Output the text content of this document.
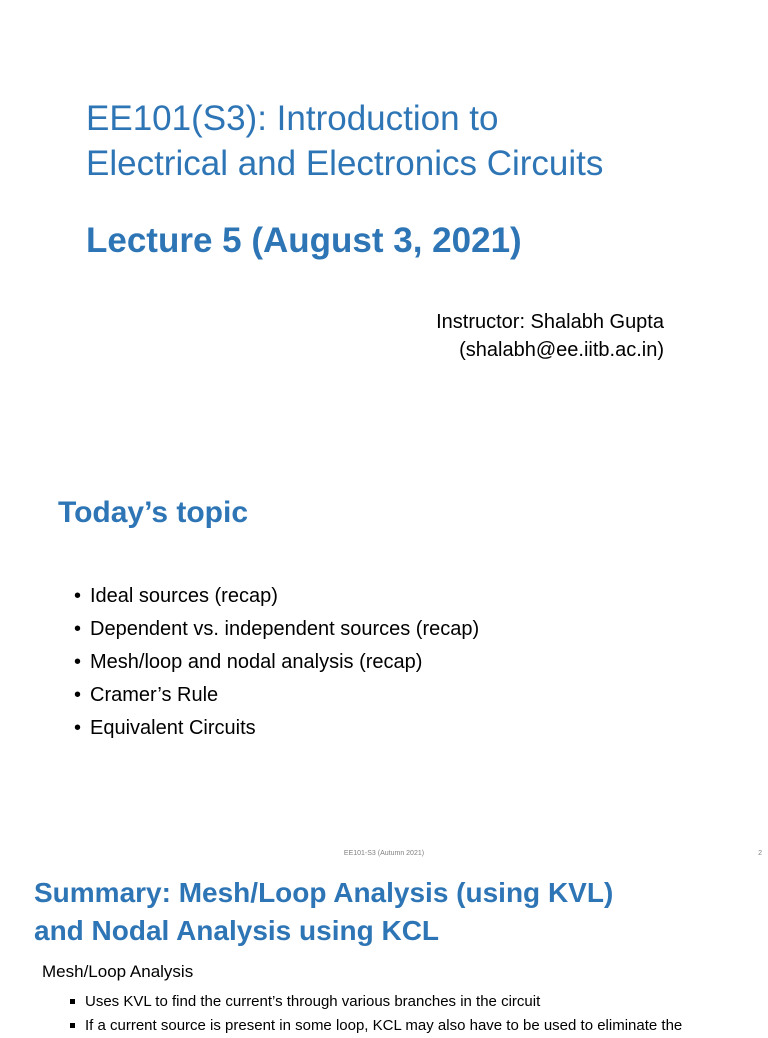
EE101(S3): Introduction to
Electrical and Electronics Circuits
Lecture 5 (August 3, 2021)
Instructor: Shalabh Gupta
(shalabh@ee.iitb.ac.in)
Today’s topic
• Ideal sources (recap)
• Dependent vs. independent sources (recap)
• Mesh/loop and nodal analysis (recap)
• Cramer’s Rule
• Equivalent Circuits
EE101-S3 (Autumn 2021)	2
Summary: Mesh/Loop Analysis (using KVL)
and Nodal Analysis using KCL
Mesh/Loop Analysis
Uses KVL to find the current’s through various branches in the circuit
If a current source is present in some loop, KCL may also have to be used to eliminate the
